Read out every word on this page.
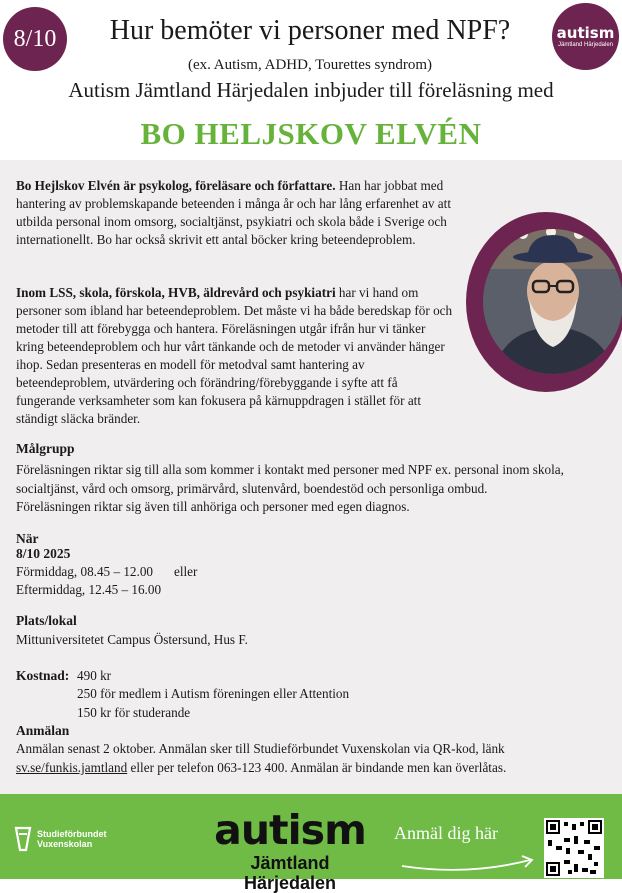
8/10	Hur bemöter vi personer med NPF?	autism
Jämtland Härjedalen
(ex. Autism, ADHD, Tourettes syndrom)
Autism Jämtland Härjedalen inbjuder till föreläsning med
BO HELJSKOV ELVÉN
Bo Hejlskov Elvén är psykolog, föreläsare och författare. Han har jobbat med hantering av problemskapande beteenden i många år och har lång erfarenhet av att utbilda personal inom omsorg, socialtjänst, psykiatri och skola både i Sverige och internationellt. Bo har också skrivit ett antal böcker kring beteendeproblem.
Inom LSS, skola, förskola, HVB, äldrevård och psykiatri har vi hand om personer som ibland har beteendeproblem. Det måste vi ha både beredskap för och metoder till att förebygga och hantera. Föreläsningen utgår ifrån hur vi tänker kring beteendeproblem och hur vårt tänkande och de metoder vi använder hänger ihop. Sedan presenteras en modell för metodval samt hantering av beteendeproblem, utvärdering och förändring/förebyggande i syfte att få fungerande verksamheter som kan fokusera på kärnuppdragen i stället för att ständigt släcka bränder.
Målgrupp
Föreläsningen riktar sig till alla som kommer i kontakt med personer med NPF ex. personal inom skola,
socialtjänst, vård och omsorg, primärvård, slutenvård, boendestöd och personliga ombud.
Föreläsningen riktar sig även till anhöriga och personer med egen diagnos.
När
8/10 2025
Förmiddag, 08.45 – 12.00 eller
Eftermiddag, 12.45 – 16.00
Plats/lokal
Mittuniversitetet Campus Östersund, Hus F.
Kostnad: 490 kr
250 för medlem i Autism föreningen eller Attention
150 kr för studerande
Anmälan
Anmälan senast 2 oktober. Anmälan sker till Studieförbundet Vuxenskolan via QR-kod, länk
sv.se/funkis.jamtland eller per telefon 063-123 400. Anmälan är bindande men kan överlåtas.
Studieförbundet
Vuxenskolan	autism
Jämtland Härjedalen
Anmäl dig här
